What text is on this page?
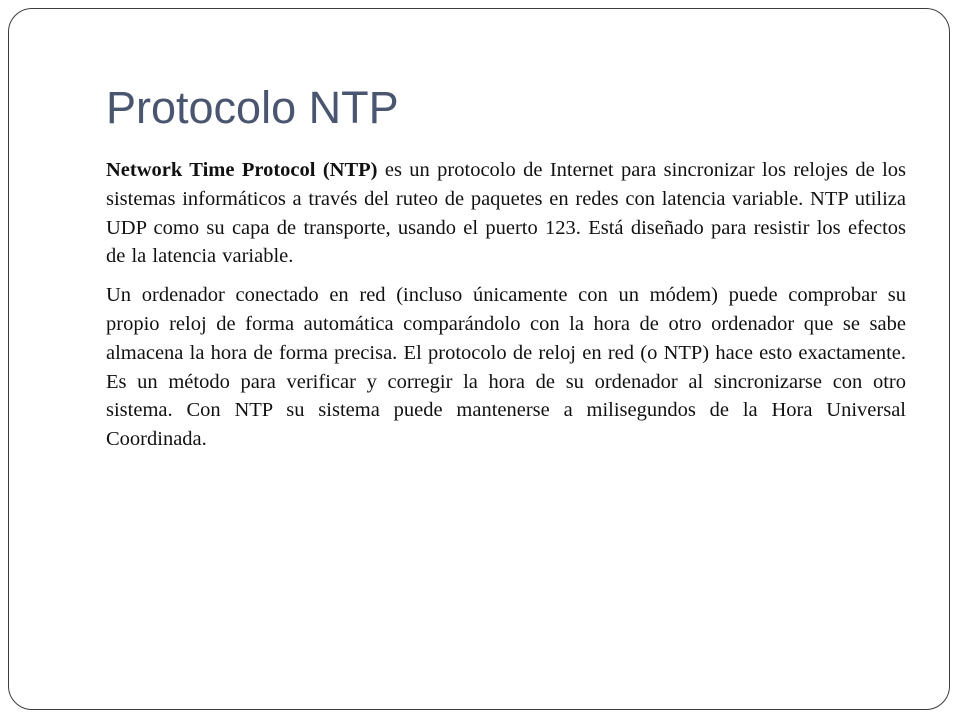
Protocolo NTP

Network Time Protocol (NTP) es un protocolo de Internet para sincronizar los relojes de los sistemas informáticos a través del ruteo de paquetes en redes con latencia variable. NTP utiliza UDP como su capa de transporte, usando el puerto 123. Está diseñado para resistir los efectos de la latencia variable.

Un ordenador conectado en red (incluso únicamente con un módem) puede comprobar su propio reloj de forma automática comparándolo con la hora de otro ordenador que se sabe almacena la hora de forma precisa. El protocolo de reloj en red (o NTP) hace esto exactamente. Es un método para verificar y corregir la hora de su ordenador al sincronizarse con otro sistema. Con NTP su sistema puede mantenerse a milisegundos de la Hora Universal Coordinada.
